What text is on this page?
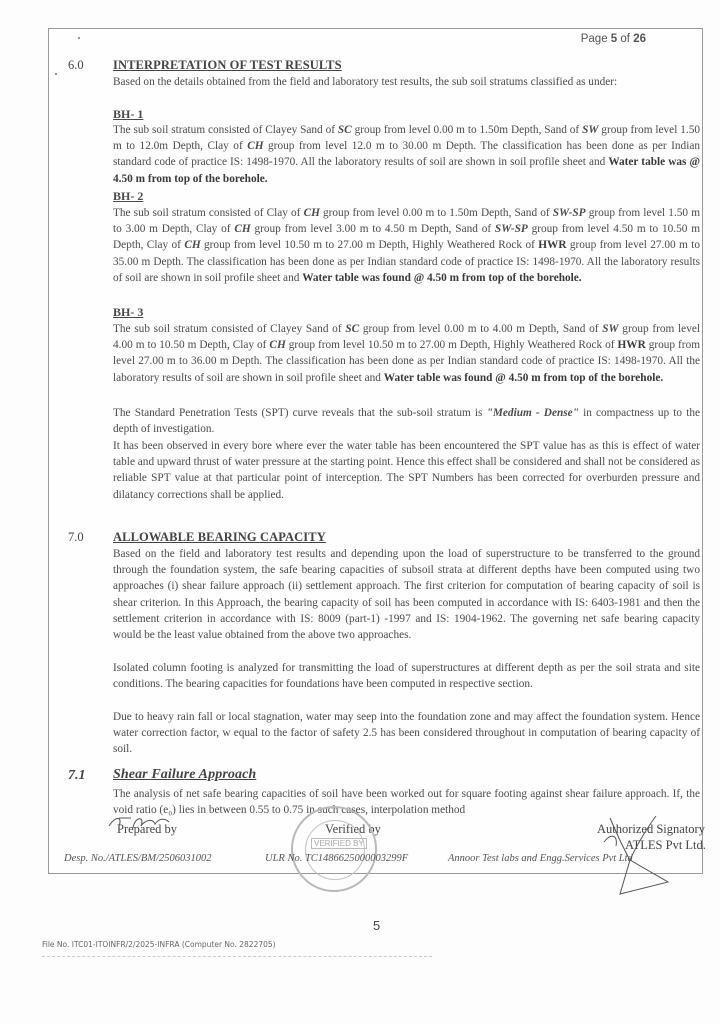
Page 5 of 26
6.0 INTERPRETATION OF TEST RESULTS
Based on the details obtained from the field and laboratory test results, the sub soil stratums classified as under:
BH- 1
The sub soil stratum consisted of Clayey Sand of SC group from level 0.00 m to 1.50m Depth, Sand of SW group from level 1.50 m to 12.0m Depth, Clay of CH group from level 12.0 m to 30.00 m Depth. The classification has been done as per Indian standard code of practice IS: 1498-1970. All the laboratory results of soil are shown in soil profile sheet and Water table was @ 4.50 m from top of the borehole.
BH- 2
The sub soil stratum consisted of Clay of CH group from level 0.00 m to 1.50m Depth, Sand of SW-SP group from level 1.50 m to 3.00 m Depth, Clay of CH group from level 3.00 m to 4.50 m Depth, Sand of SW-SP group from level 4.50 m to 10.50 m Depth, Clay of CH group from level 10.50 m to 27.00 m Depth, Highly Weathered Rock of HWR group from level 27.00 m to 35.00 m Depth. The classification has been done as per Indian standard code of practice IS: 1498-1970. All the laboratory results of soil are shown in soil profile sheet and Water table was found @ 4.50 m from top of the borehole.
BH- 3
The sub soil stratum consisted of Clayey Sand of SC group from level 0.00 m to 4.00 m Depth, Sand of SW group from level 4.00 m to 10.50 m Depth, Clay of CH group from level 10.50 m to 27.00 m Depth, Highly Weathered Rock of HWR group from level 27.00 m to 36.00 m Depth. The classification has been done as per Indian standard code of practice IS: 1498-1970. All the laboratory results of soil are shown in soil profile sheet and Water table was found @ 4.50 m from top of the borehole.
The Standard Penetration Tests (SPT) curve reveals that the sub-soil stratum is "Medium - Dense" in compactness up to the depth of investigation.
It has been observed in every bore where ever the water table has been encountered the SPT value has as this is effect of water table and upward thrust of water pressure at the starting point. Hence this effect shall be considered and shall not be considered as reliable SPT value at that particular point of interception. The SPT Numbers has been corrected for overburden pressure and dilatancy corrections shall be applied.
7.0 ALLOWABLE BEARING CAPACITY
Based on the field and laboratory test results and depending upon the load of superstructure to be transferred to the ground through the foundation system, the safe bearing capacities of subsoil strata at different depths have been computed using two approaches (i) shear failure approach (ii) settlement approach. The first criterion for computation of bearing capacity of soil is shear criterion. In this Approach, the bearing capacity of soil has been computed in accordance with IS: 6403-1981 and then the settlement criterion in accordance with IS: 8009 (part-1) -1997 and IS: 1904-1962. The governing net safe bearing capacity would be the least value obtained from the above two approaches.
Isolated column footing is analyzed for transmitting the load of superstructures at different depth as per the soil strata and site conditions. The bearing capacities for foundations have been computed in respective section.
Due to heavy rain fall or local stagnation, water may seep into the foundation zone and may affect the foundation system. Hence water correction factor, w equal to the factor of safety 2.5 has been considered throughout in computation of bearing capacity of soil.
7.1 Shear Failure Approach
The analysis of net safe bearing capacities of soil have been worked out for square footing against shear failure approach. If, the void ratio (e₀) lies in between 0.55 to 0.75 in such cases, interpolation method
Prepared by	Verified by	Authorized Signatory
ATLES Pvt Ltd.
VERIFIED BY
Desp. No./ATLES/BM/2506031002	ULR No. TC1486625000003299F	Annoor Test labs and Engg.Services Pvt Ltd
5
File No. ITC01-ITOINFR/2/2025-INFRA (Computer No. 2822705)
